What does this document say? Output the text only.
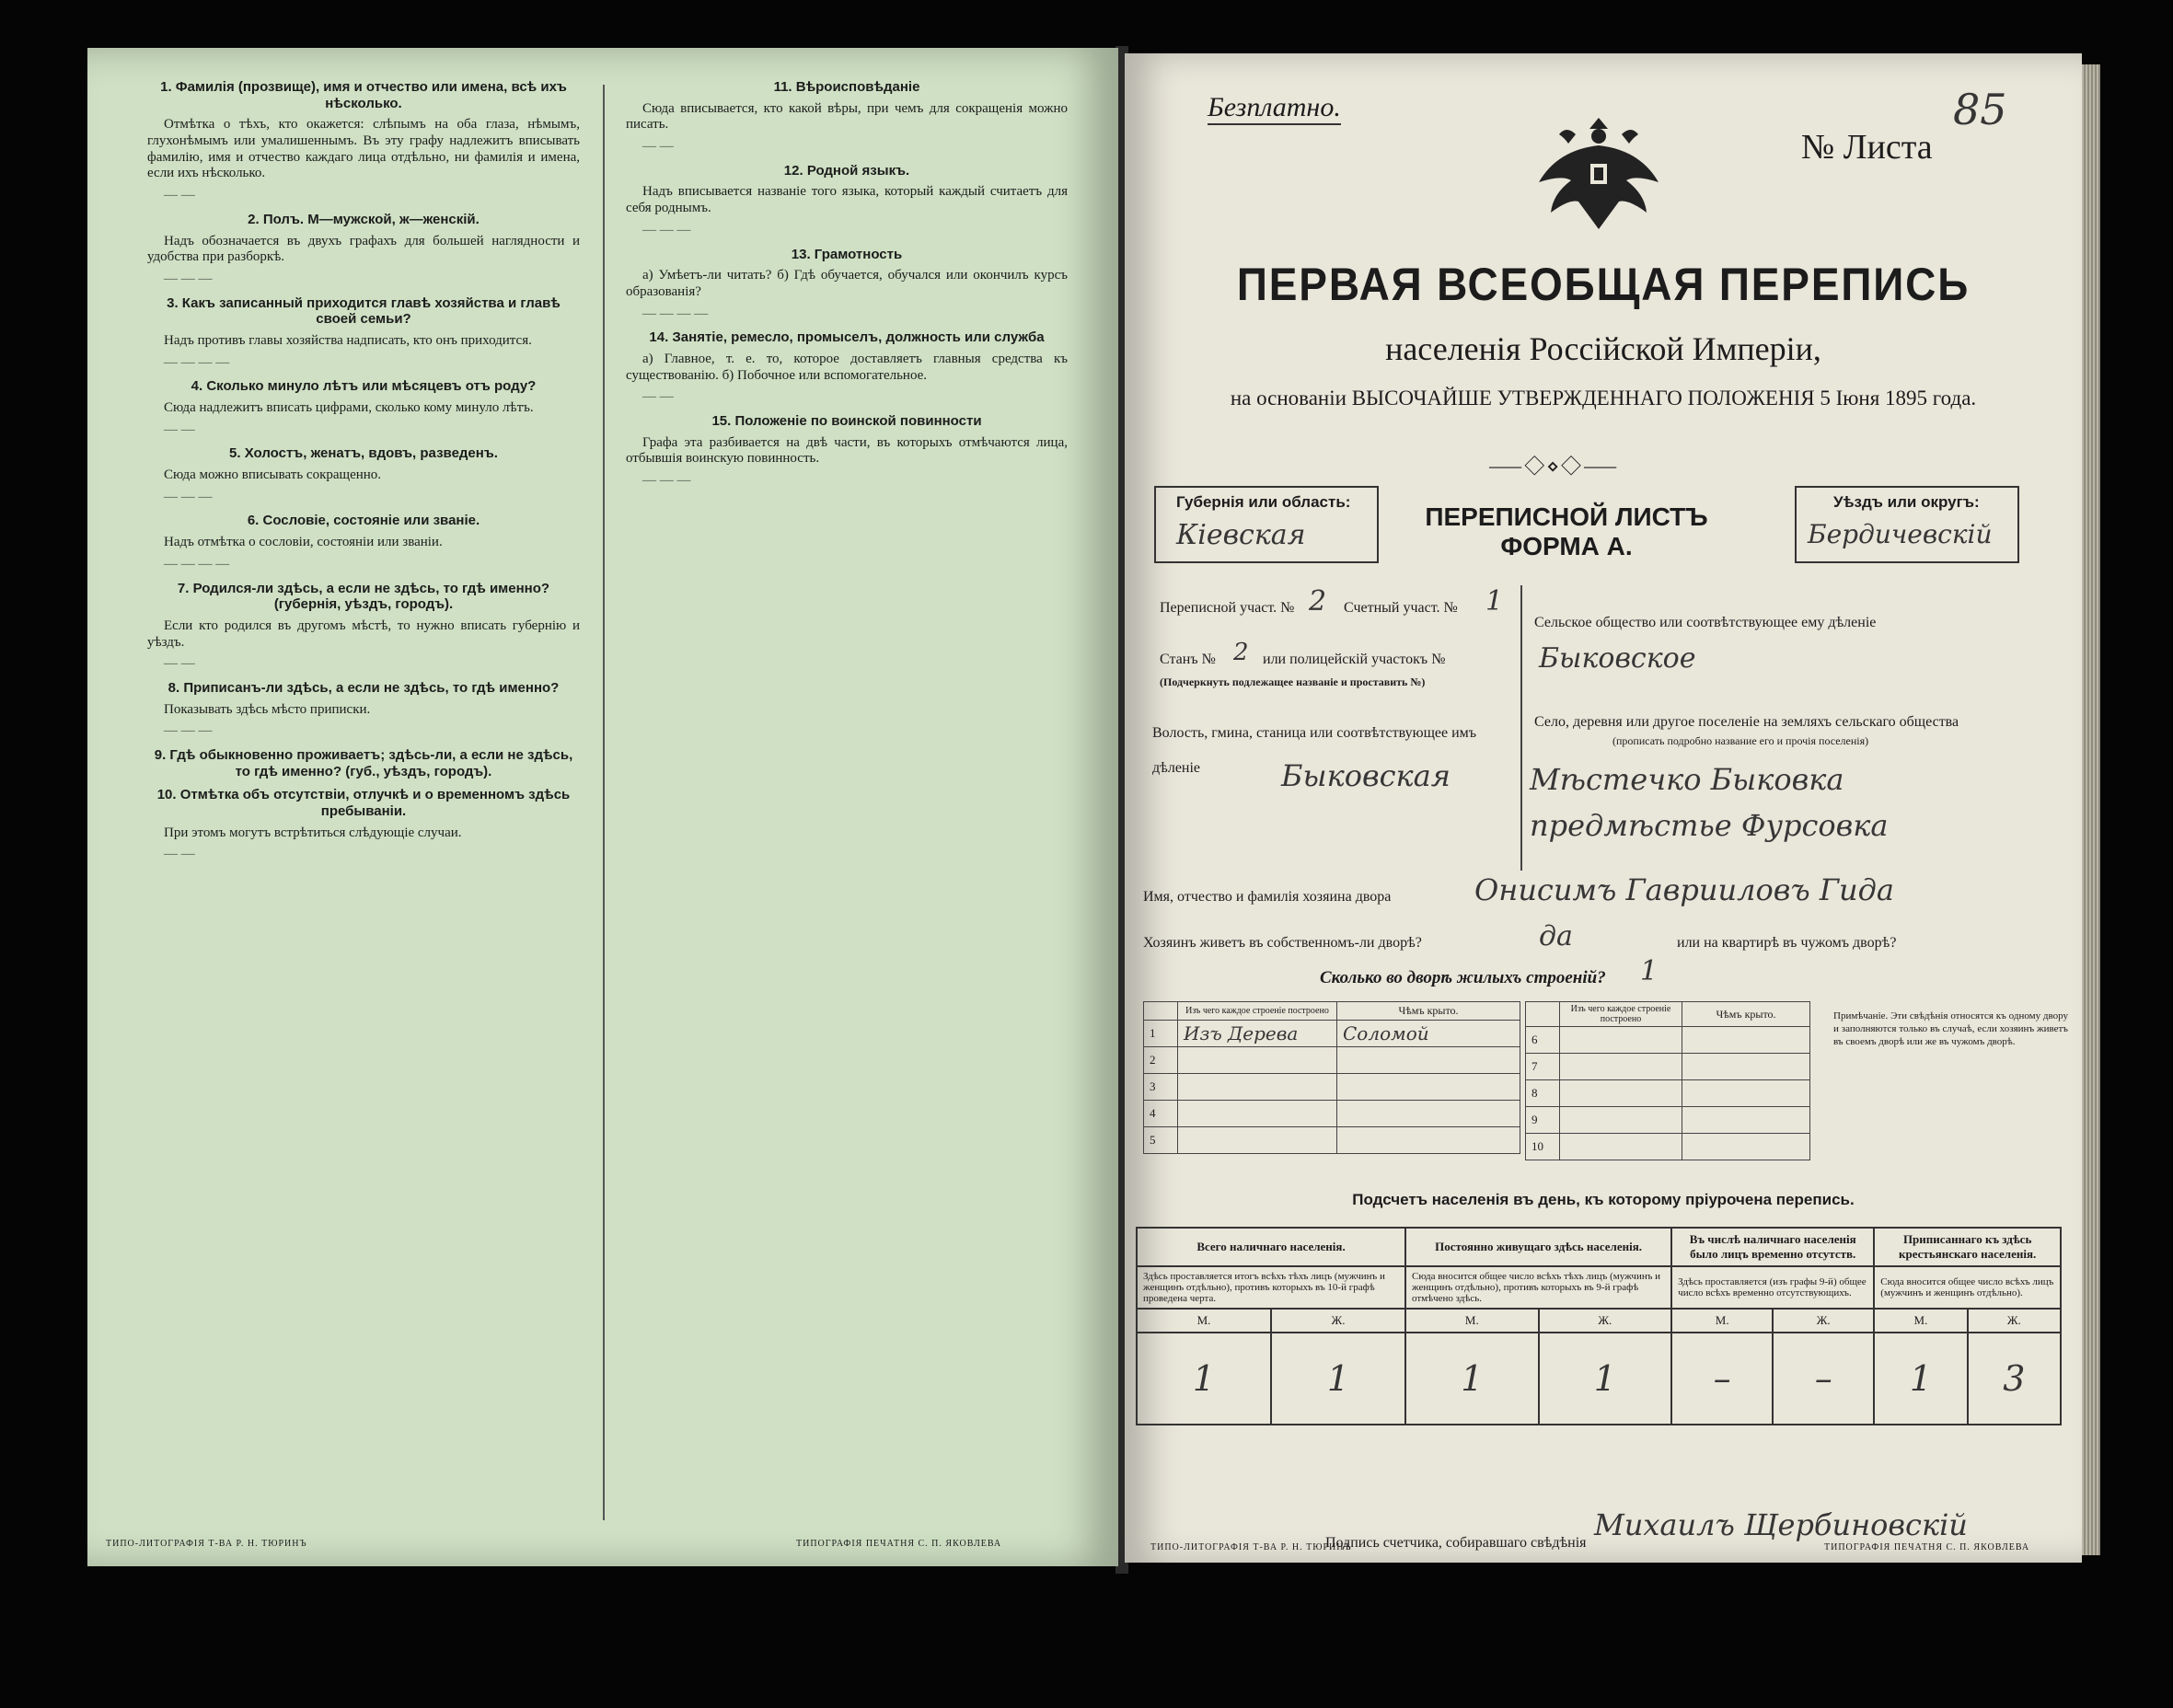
1. Фамилія (прозвище), имя и отчество или имена, всѣ ихъ нѣсколько.

Отмѣтка о тѣхъ, кто окажется: слѣпымъ на оба глаза, нѣмымъ, глухонѣмымъ или умалишеннымъ. Въ эту графу надлежитъ вписывать фамилію, имя и отчество каждаго лица отдѣльно, ни фамилія и имена, если ихъ нѣсколько.

— —

2. Полъ. М—мужской, ж—женскій.

Надъ обозначается въ двухъ графахъ для большей наглядности и удобства при разборкѣ.

— — —

3. Какъ записанный приходится главѣ хозяйства и главѣ своей семьи?

Надъ противъ главы хозяйства надписать, кто онъ приходится.

— — — —

4. Сколько минуло лѣтъ или мѣсяцевъ отъ роду?

Сюда надлежитъ вписать цифрами, сколько кому минуло лѣтъ.

— —

5. Холостъ, женатъ, вдовъ, разведенъ.

Сюда можно вписывать сокращенно.

— — —

6. Сословіе, состояніе или званіе.

Надъ отмѣтка о сословіи, состояніи или званіи.

— — — —

7. Родился-ли здѣсь, а если не здѣсь, то гдѣ именно? (губернія, уѣздъ, городъ).

Если кто родился въ другомъ мѣстѣ, то нужно вписать губернію и уѣздъ.

— —

8. Приписанъ-ли здѣсь, а если не здѣсь, то гдѣ именно?

Показывать здѣсь мѣсто приписки.

— — —

9. Гдѣ обыкновенно проживаетъ; здѣсь-ли, а если не здѣсь, то гдѣ именно? (губ., уѣздъ, городъ).
10. Отмѣтка объ отсутствіи, отлучкѣ и о временномъ здѣсь пребываніи.

При этомъ могутъ встрѣтиться слѣдующіе случаи.

— —

11. Вѣроисповѣданіе

Сюда вписывается, кто какой вѣры, при чемъ для сокращенія можно писать.

— —

12. Родной языкъ.

Надъ вписывается названіе того языка, который каждый считаетъ для себя роднымъ.

— — —

13. Грамотность

а) Умѣетъ-ли читать? б) Гдѣ обучается, обучался или окончилъ курсъ образованія?

— — — —

14. Занятіе, ремесло, промыселъ, должность или служба

а) Главное, т. е. то, которое доставляетъ главныя средства къ существованію. б) Побочное или вспомогательное.

— —

15. Положеніе по воинской повинности

Графа эта разбивается на двѣ части, въ которыхъ отмѣчаются лица, отбывшія воинскую повинность.

— — —

ТИПО-ЛИТОГРАФІЯ Т-ВА Р. Н. ТЮРИНЪ	ТИПОГРАФІЯ ПЕЧАТНЯ С. П. ЯКОВЛЕВА
Безплатно.
№ Листа
85
ПЕРВАЯ ВСЕОБЩАЯ ПЕРЕПИСЬ
населенія Россійской Имперіи,
на основаніи ВЫСОЧАЙШЕ УТВЕРЖДЕННАГО ПОЛОЖЕНІЯ 5 Іюня 1895 года.
⸺◇⋄◇⸺
Губернія или область:
Кіевская
ПЕРЕПИСНОЙ ЛИСТЪ
ФОРМА А.
Уѣздъ или округъ:
Бердичевскій
Переписной участ. № 2 Счетный участ. № 1
Станъ № 2 или полицейскій участокъ №
(Подчеркнуть подлежащее названіе и проставить №)
Волость, гмина, станица или соотвѣтствующее имъ дѣленіе	Быковская
Сельское общество или соотвѣтствующее ему дѣленіе
Быковское
Село, деревня или другое поселеніе на земляхъ сельскаго общества
(прописать подробно название его и прочія поселенія)
Мѣстечко Быковка
предмѣстье Фурсовка
Имя, отчество и фамилія хозяина двора	Онисимъ Гаврииловъ Гида
Хозяинъ живетъ въ собственномъ-ли дворѣ?	да	или на квартирѣ въ чужомъ дворѣ?
Сколько во дворѣ жилыхъ строеній? 1
	Изъ чего каждое строеніе построено	Чѣмъ крыто.
1	Изъ Дерева	Соломой
2		
3		
4		
5		
	Изъ чего каждое строеніе построено	Чѣмъ крыто.
6		
7		
8		
9		
10		
Примѣчаніе. Эти свѣдѣнія относятся къ одному двору и заполняются только въ случаѣ, если хозяинъ живетъ въ своемъ дворѣ или же въ чужомъ дворѣ.
Подсчетъ населенія въ день, къ которому пріурочена перепись.
Всего наличнаго населенія.		Постоянно живущаго здѣсь населенія.		Въ числѣ наличнаго населенія было лицъ временно отсутств.		Приписаннаго къ здѣсь крестьянскаго населенія.	
Здѣсь проставляется итогъ всѣхъ тѣхъ лицъ (мужчинъ и женщинъ отдѣльно), противъ которыхъ въ 10-й графѣ проведена черта.		Сюда вносится общее число всѣхъ тѣхъ лицъ (мужчинъ и женщинъ отдѣльно), противъ которыхъ въ 9-й графѣ отмѣчено здѣсь.		Здѣсь проставляется (изъ графы 9-й) общее число всѣхъ временно отсутствующихъ.		Сюда вносится общее число всѣхъ лицъ (мужчинъ и женщинъ отдѣльно).	
М.	Ж.	М.	Ж.	М.	Ж.	М.	Ж.
1	1	1	1	–	–	1	3
Подпись счетчика, собиравшаго свѣдѣнія
Михаилъ Щербиновскій
ТИПО-ЛИТОГРАФІЯ Т-ВА Р. Н. ТЮРИНЪ	ТИПОГРАФІЯ ПЕЧАТНЯ С. П. ЯКОВЛЕВА
